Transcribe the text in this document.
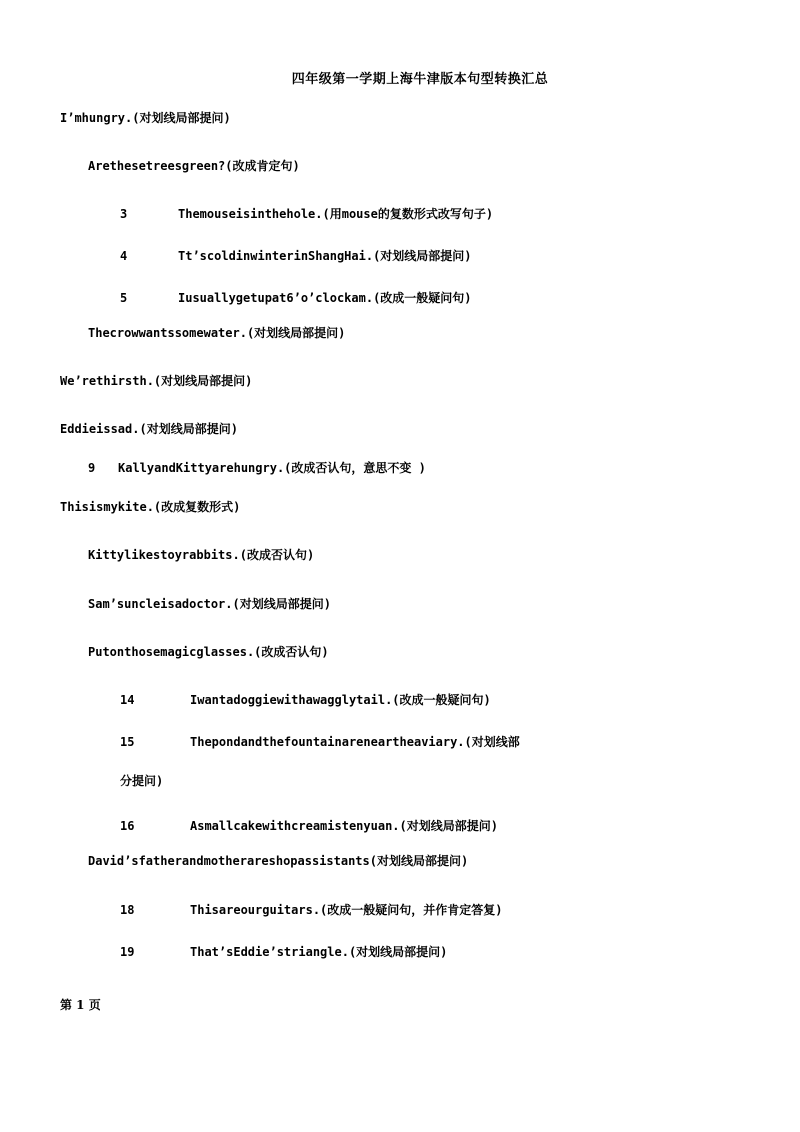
四年级第一学期上海牛津版本句型转换汇总
I’mhungry.(对划线局部提问)
Arethesetreesgreen?(改成肯定句)
3	Themouseisinthehole.(用mouse的复数形式改写句子)
4	Tt’scoldinwinterinShangHai.(对划线局部提问)
5	Iusuallygetupat6’o’clockam.(改成一般疑问句)
Thecrowwantssomewater.(对划线局部提问)
We’rethirsth.(对划线局部提问)
Eddieissad.(对划线局部提问)
9 KallyandKittyarehungry.(改成否认句，意思不变 )
Thisismykite.(改成复数形式)
Kittylikestoyrabbits.(改成否认句)
Sam’suncleisadoctor.(对划线局部提问)
Putonthosemagicglasses.(改成否认句)
14	Iwantadoggiewithawagglytail.(改成一般疑问句)
15	Thepondandthefountainareneartheaviary.(对划线部
分提问)
16	Asmallcakewithcreamistenyuan.(对划线局部提问)
David’sfatherandmotherareshopassistants(对划线局部提问)
18	Thisareourguitars.(改成一般疑问句，并作肯定答复)
19	That’sEddie’striangle.(对划线局部提问)
第 1 页
